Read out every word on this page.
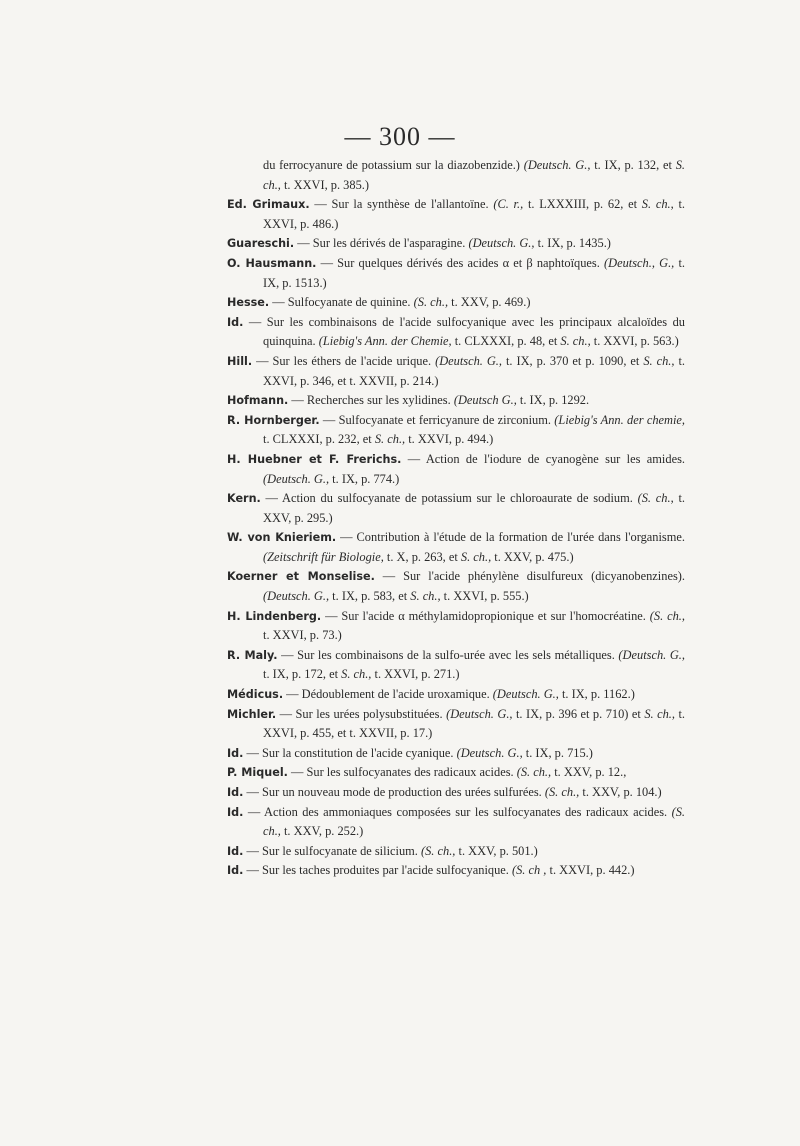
— 300 —
du ferrocyanure de potassium sur la diazobenzide.) (Deutsch. G., t. IX, p. 132, et S. ch., t. XXVI, p. 385.)
Ed. Grimaux. — Sur la synthèse de l'allantoïne. (C. r., t. LXXXIII, p. 62, et S. ch., t. XXVI, p. 486.)
Guareschi. — Sur les dérivés de l'asparagine. (Deutsch. G., t. IX, p. 1435.)
O. Hausmann. — Sur quelques dérivés des acides α et β naphtoïques. (Deutsch., G., t. IX, p. 1513.)
Hesse. — Sulfocyanate de quinine. (S. ch., t. XXV, p. 469.)
Id. — Sur les combinaisons de l'acide sulfocyanique avec les principaux alcaloïdes du quinquina. (Liebig's Ann. der Chemie, t. CLXXXI, p. 48, et S. ch., t. XXVI, p. 563.)
Hill. — Sur les éthers de l'acide urique. (Deutsch. G., t. IX, p. 370 et p. 1090, et S. ch., t. XXVI, p. 346, et t. XXVII, p. 214.)
Hofmann. — Recherches sur les xylidines. (Deutsch G., t. IX, p. 1292.
R. Hornberger. — Sulfocyanate et ferricyanure de zirconium. (Liebig's Ann. der chemie, t. CLXXXI, p. 232, et S. ch., t. XXVI, p. 494.)
H. Huebner et F. Frerichs. — Action de l'iodure de cyanogène sur les amides. (Deutsch. G., t. IX, p. 774.)
Kern. — Action du sulfocyanate de potassium sur le chloroaurate de sodium. (S. ch., t. XXV, p. 295.)
W. von Knieriem. — Contribution à l'étude de la formation de l'urée dans l'organisme. (Zeitschrift für Biologie, t. X, p. 263, et S. ch., t. XXV, p. 475.)
Koerner et Monselise. — Sur l'acide phénylène disulfureux (dicyanobenzines). (Deutsch. G., t. IX, p. 583, et S. ch., t. XXVI, p. 555.)
H. Lindenberg. — Sur l'acide α méthylamidopropionique et sur l'homocréatine. (S. ch., t. XXVI, p. 73.)
R. Maly. — Sur les combinaisons de la sulfo-urée avec les sels métalliques. (Deutsch. G., t. IX, p. 172, et S. ch., t. XXVI, p. 271.)
Médicus. — Dédoublement de l'acide uroxamique. (Deutsch. G., t. IX, p. 1162.)
Michler. — Sur les urées polysubstituées. (Deutsch. G., t. IX, p. 396 et p. 710) et S. ch., t. XXVI, p. 455, et t. XXVII, p. 17.)
Id. — Sur la constitution de l'acide cyanique. (Deutsch. G., t. IX, p. 715.)
P. Miquel. — Sur les sulfocyanates des radicaux acides. (S. ch., t. XXV, p. 12.,
Id. — Sur un nouveau mode de production des urées sulfurées. (S. ch., t. XXV, p. 104.)
Id. — Action des ammoniaques composées sur les sulfocyanates des radicaux acides. (S. ch., t. XXV, p. 252.)
Id. — Sur le sulfocyanate de silicium. (S. ch., t. XXV, p. 501.)
Id. — Sur les taches produites par l'acide sulfocyanique. (S. ch , t. XXVI, p. 442.)
